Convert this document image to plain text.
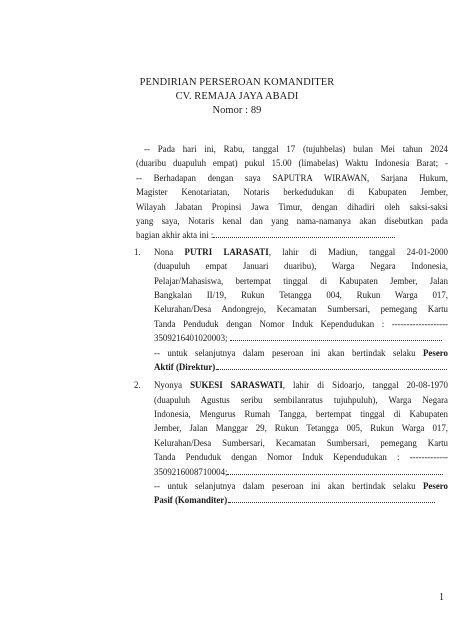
PENDIRIAN PERSEROAN KOMANDITER
CV. REMAJA JAYA ABADI
Nomor : 89
-- Pada hari ini, Rabu, tanggal 17 (tujuhbelas) bulan Mei tahun 2024
(duaribu duapuluh empat) pukul 15.00 (limabelas) Waktu Indonesia Barat; -
-- Berhadapan dengan saya SAPUTRA WIRAWAN, Sarjana Hukum,
Magister Kenotariatan, Notaris berkedudukan di Kabupaten Jember,
Wilayah Jabatan Propinsi Jawa Timur, dengan dihadiri oleh saksi-saksi
yang saya, Notaris kenal dan yang nama-namanya akan disebutkan pada
bagian akhir akta ini :
1. Nona PUTRI LARASATI, lahir di Madiun, tanggal 24-01-2000
(duapuluh empat Januari duaribu), Warga Negara Indonesia,
Pelajar/Mahasiswa, bertempat tinggal di Kabupaten Jember, Jalan
Bangkalan II/19, Rukun Tetangga 004, Rukun Warga 017,
Kelurahan/Desa Andongrejo, Kecamatan Sumbersari, pemegang Kartu
Tanda Penduduk dengan Nomor Induk Kependudukan : -------------------
3509216401020003;
-- untuk selanjutnya dalam peseroan ini akan bertindak selaku Pesero
Aktif (Direktur).
2. Nyonya SUKESI SARASWATI, lahir di Sidoarjo, tanggal 20-08-1970
(duapuluh Agustus seribu sembilanratus tujuhpuluh), Warga Negara
Indonesia, Mengurus Rumah Tangga, bertempat tinggal di Kabupaten
Jember, Jalan Manggar 29, Rukun Tetangga 005, Rukun Warga 017,
Kelurahan/Desa Sumbersari, Kecamatan Sumbersari, pemegang Kartu
Tanda Penduduk dengan Nomor Induk Kependudukan : -------------
3509216008710004;
-- untuk selanjutnya dalam peseroan ini akan bertindak selaku Pesero
Pasif (Komanditer).
1
